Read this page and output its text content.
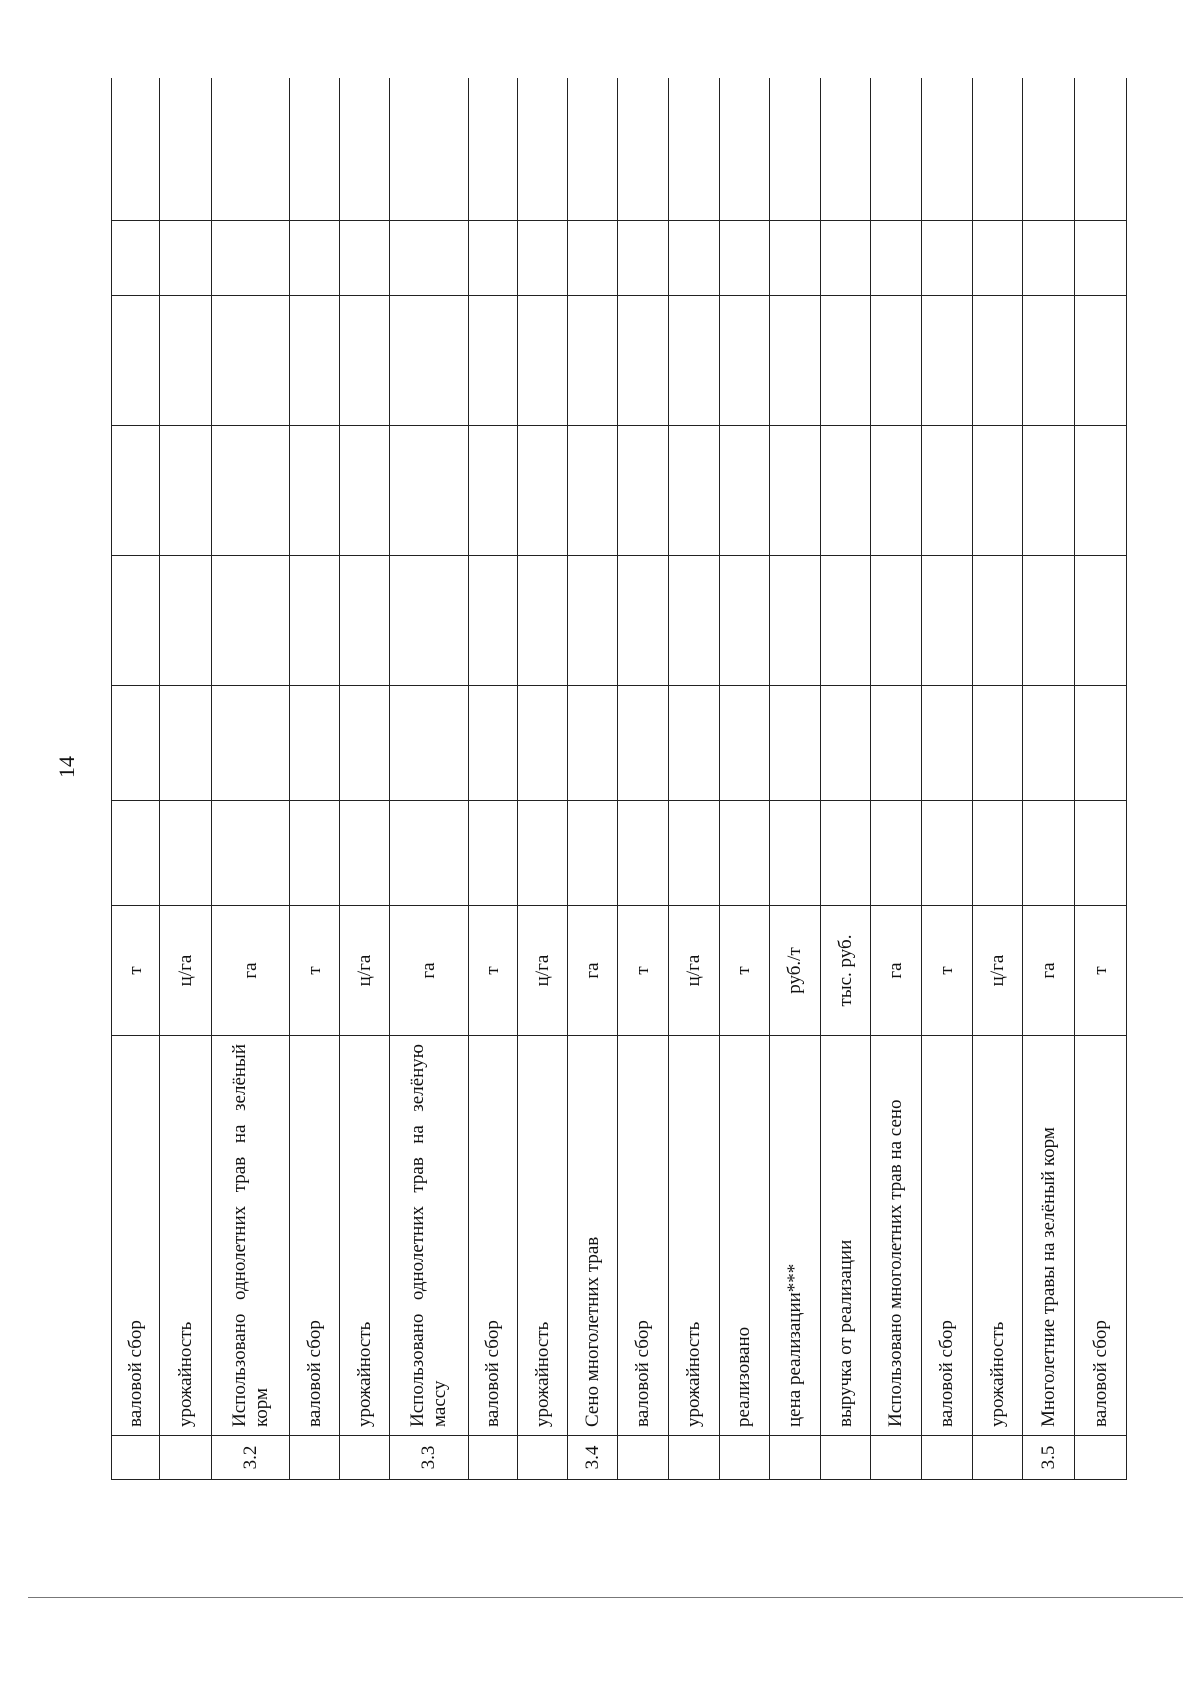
14
	валовой сбор	т							
	урожайность	ц/га							
3.2	Использовано однолетних трав на зелёный корм	га							
	валовой сбор	т							
	урожайность	ц/га							
3.3	Использовано однолетних трав на зелёную массу	га							
	валовой сбор	т							
	урожайность	ц/га							
3.4	Сено многолетних трав	га							
	валовой сбор	т							
	урожайность	ц/га							
	реализовано	т							
	цена реализации***	руб./т							
	выручка от реализации	тыс. руб.							
	Использовано многолетних трав на сено	га							
	валовой сбор	т							
	урожайность	ц/га							
3.5	Многолетние травы на зелёный корм	га							
	валовой сбор	т							
